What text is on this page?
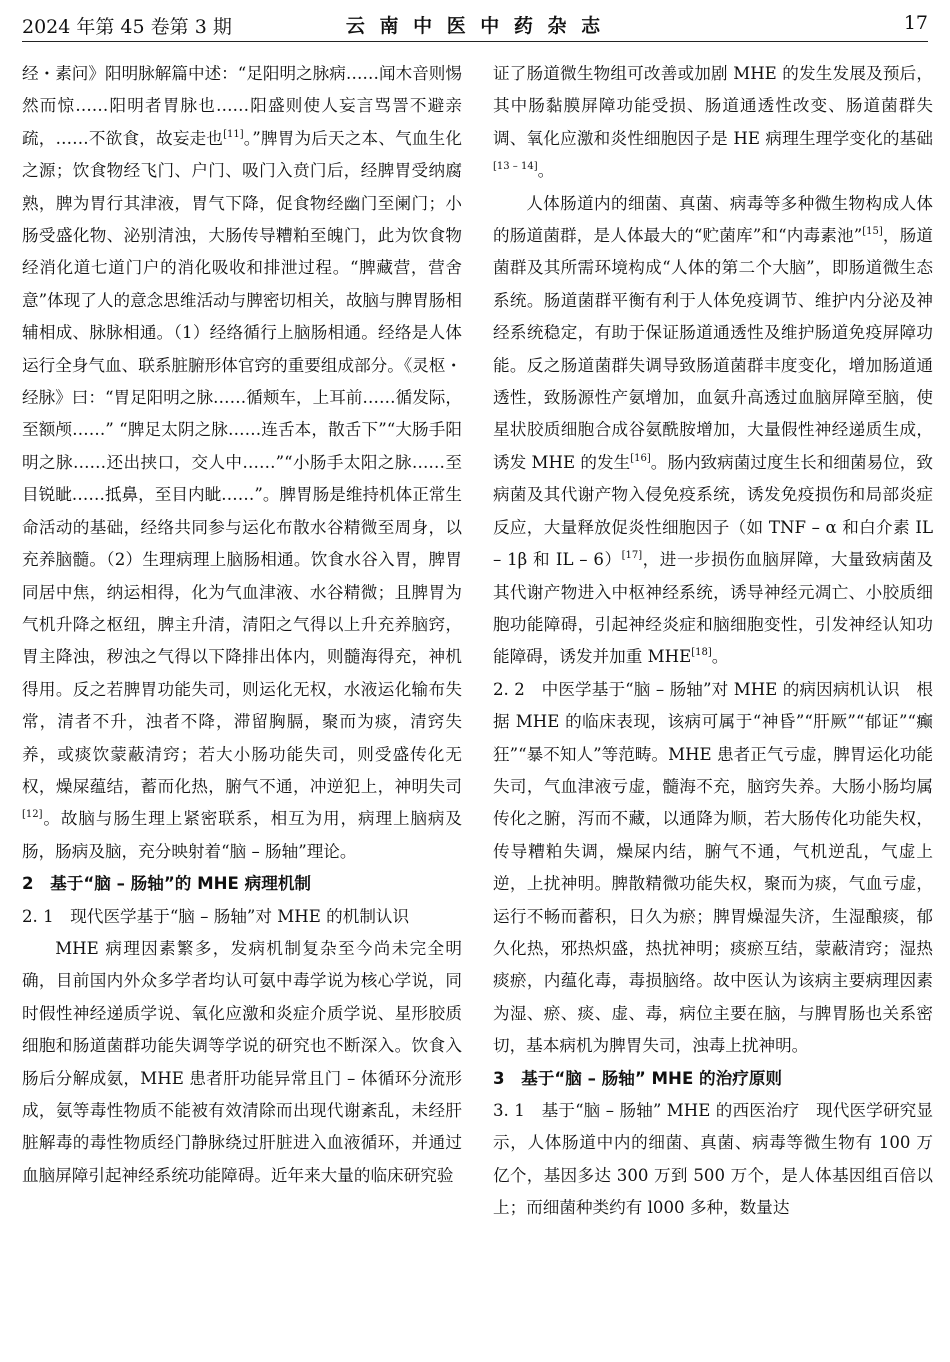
2024 年第 45 卷第 3 期	云 南 中 医 中 药 杂 志	17

经・素问》阳明脉解篇中述：“足阳明之脉病……闻木音则惕然而惊……阳明者胃脉也……阳盛则使人妄言骂詈不避亲疏，……不欲食，故妄走也[11]。”脾胃为后天之本、气血生化之源；饮食物经飞门、户门、吸门入贲门后，经脾胃受纳腐熟，脾为胃行其津液，胃气下降，促食物经幽门至阑门；小肠受盛化物、泌别清浊，大肠传导糟粕至魄门，此为饮食物经消化道七道门户的消化吸收和排泄过程。“脾藏营，营舍意”体现了人的意念思维活动与脾密切相关，故脑与脾胃肠相辅相成、脉脉相通。（1）经络循行上脑肠相通。经络是人体运行全身气血、联系脏腑形体官窍的重要组成部分。《灵枢・经脉》曰：“胃足阳明之脉……循颊车，上耳前……循发际，至额颅……” “脾足太阴之脉……连舌本，散舌下”“大肠手阳明之脉……还出挟口，交人中……”“小肠手太阳之脉……至目锐眦……抵鼻，至目内眦……”。脾胃肠是维持机体正常生命活动的基础，经络共同参与运化布散水谷精微至周身，以充养脑髓。（2）生理病理上脑肠相通。饮食水谷入胃，脾胃同居中焦，纳运相得，化为气血津液、水谷精微；且脾胃为气机升降之枢纽，脾主升清，清阳之气得以上升充养脑窍，胃主降浊，秽浊之气得以下降排出体内，则髓海得充，神机得用。反之若脾胃功能失司，则运化无权，水液运化输布失常，清者不升，浊者不降，滞留胸膈，聚而为痰，清窍失养，或痰饮蒙蔽清窍；若大小肠功能失司，则受盛传化无权，燥屎蕴结，蓄而化热，腑气不通，冲逆犯上，神明失司[12]。故脑与肠生理上紧密联系，相互为用，病理上脑病及肠，肠病及脑，充分映射着“脑 – 肠轴”理论。

2　基于“脑 – 肠轴”的 MHE 病理机制

2. 1　现代医学基于“脑 – 肠轴”对 MHE 的机制认识

MHE 病理因素繁多，发病机制复杂至今尚未完全明确，目前国内外众多学者均认可氨中毒学说为核心学说，同时假性神经递质学说、氧化应激和炎症介质学说、星形胶质细胞和肠道菌群功能失调等学说的研究也不断深入。饮食入肠后分解成氨，MHE 患者肝功能异常且门 – 体循环分流形成，氨等毒性物质不能被有效清除而出现代谢紊乱，未经肝脏解毒的毒性物质经门静脉绕过肝脏进入血液循环，并通过血脑屏障引起神经系统功能障碍。近年来大量的临床研究验

证了肠道微生物组可改善或加剧 MHE 的发生发展及预后，其中肠黏膜屏障功能受损、肠道通透性改变、肠道菌群失调、氧化应激和炎性细胞因子是 HE 病理生理学变化的基础[13 – 14]。

人体肠道内的细菌、真菌、病毒等多种微生物构成人体的肠道菌群，是人体最大的“贮菌库”和“内毒素池”[15]，肠道菌群及其所需环境构成“人体的第二个大脑”，即肠道微生态系统。肠道菌群平衡有利于人体免疫调节、维护内分泌及神经系统稳定，有助于保证肠道通透性及维护肠道免疫屏障功能。反之肠道菌群失调导致肠道菌群丰度变化，增加肠道通透性，致肠源性产氨增加，血氨升高透过血脑屏障至脑，使星状胶质细胞合成谷氨酰胺增加，大量假性神经递质生成，诱发 MHE 的发生[16]。肠内致病菌过度生长和细菌易位，致病菌及其代谢产物入侵免疫系统，诱发免疫损伤和局部炎症反应，大量释放促炎性细胞因子（如 TNF – α 和白介素 IL – 1β 和 IL – 6）[17]，进一步损伤血脑屏障，大量致病菌及其代谢产物进入中枢神经系统，诱导神经元凋亡、小胶质细胞功能障碍，引起神经炎症和脑细胞变性，引发神经认知功能障碍，诱发并加重 MHE[18]。

2. 2　中医学基于“脑 – 肠轴”对 MHE 的病因病机认识　 根据 MHE 的临床表现，该病可属于“神昏”“肝厥”“郁证”“癫狂”“暴不知人”等范畴。MHE 患者正气亏虚，脾胃运化功能失司，气血津液亏虚，髓海不充，脑窍失养。大肠小肠均属传化之腑，泻而不藏，以通降为顺，若大肠传化功能失权，传导糟粕失调，燥屎内结，腑气不通，气机逆乱，气虚上逆，上扰神明。脾散精微功能失权，聚而为痰，气血亏虚，运行不畅而蓄积，日久为瘀；脾胃燥湿失济，生湿酿痰，郁久化热，邪热炽盛，热扰神明；痰瘀互结，蒙蔽清窍；湿热痰瘀，内蕴化毒，毒损脑络。故中医认为该病主要病理因素为湿、瘀、痰、虚、毒，病位主要在脑，与脾胃肠也关系密切，基本病机为脾胃失司，浊毒上扰神明。

3　基于“脑 – 肠轴” MHE 的治疗原则

3. 1　基于“脑 – 肠轴” MHE 的西医治疗　 现代医学研究显示，人体肠道中内的细菌、真菌、病毒等微生物有 100 万亿个，基因多达 300 万到 500 万个，是人体基因组百倍以上；而细菌种类约有 l000 多种，数量达
